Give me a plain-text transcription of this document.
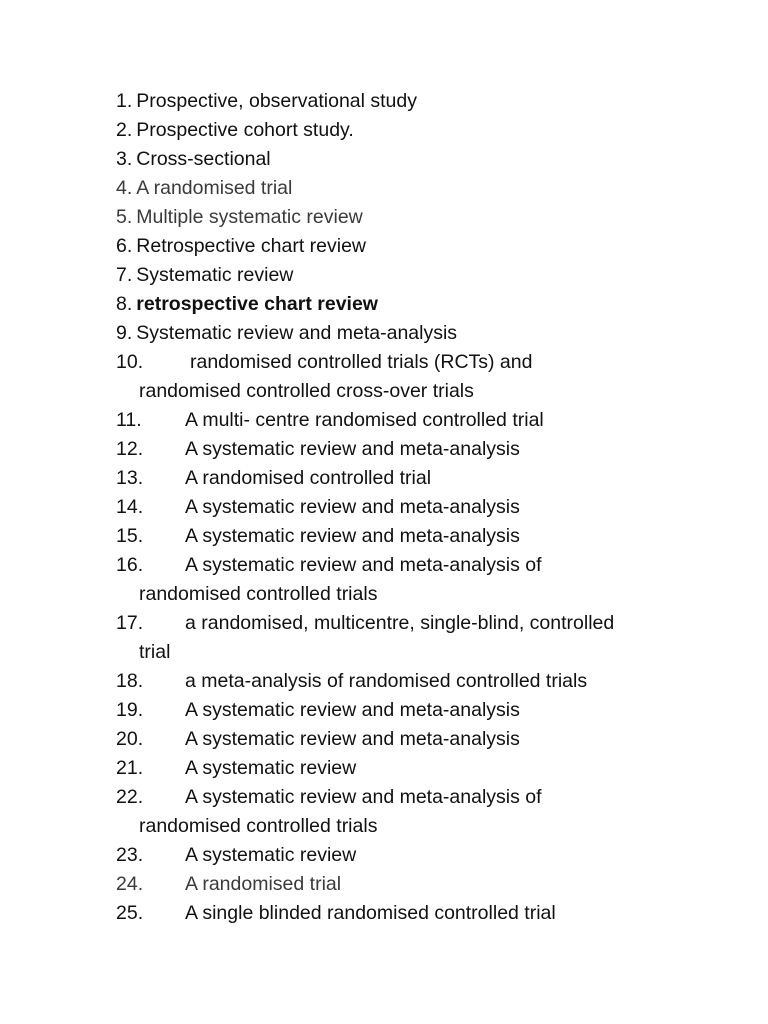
1. Prospective, observational study
2. Prospective cohort study.
3. Cross-sectional
4. A randomised trial
5. Multiple systematic review
6. Retrospective chart review
7. Systematic review
8. retrospective chart review
9. Systematic review and meta-analysis
10. randomised controlled trials (RCTs) and
randomised controlled cross-over trials
11. A multi- centre randomised controlled trial
12. A systematic review and meta-analysis
13. A randomised controlled trial
14. A systematic review and meta-analysis
15. A systematic review and meta-analysis
16. A systematic review and meta-analysis of
randomised controlled trials
17. a randomised, multicentre, single-blind, controlled
trial
18. a meta-analysis of randomised controlled trials
19. A systematic review and meta-analysis
20. A systematic review and meta-analysis
21. A systematic review
22. A systematic review and meta-analysis of
randomised controlled trials
23. A systematic review
24. A randomised trial
25. A single blinded randomised controlled trial
